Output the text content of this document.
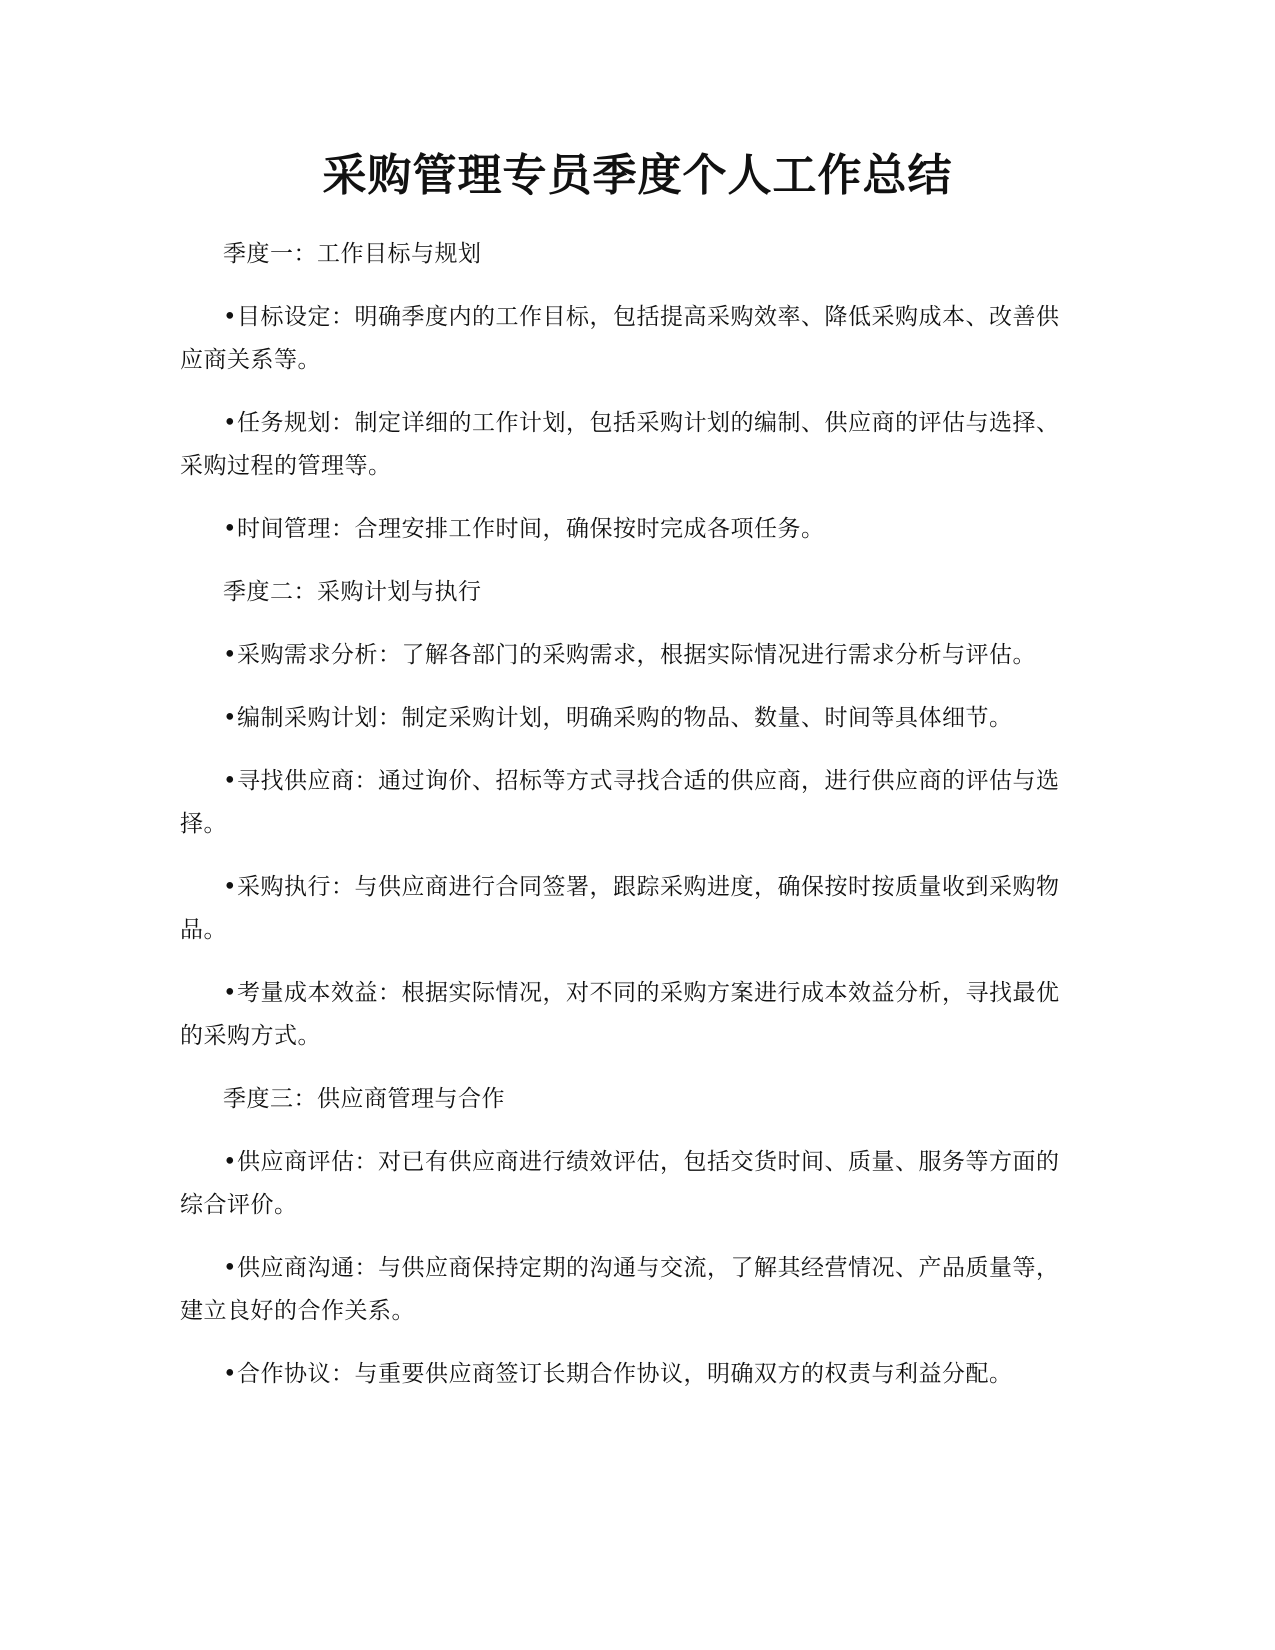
采购管理专员季度个人工作总结

季度一：工作目标与规划

•目标设定：明确季度内的工作目标，包括提高采购效率、降低采购成本、改善供应商关系等。

•任务规划：制定详细的工作计划，包括采购计划的编制、供应商的评估与选择、采购过程的管理等。

•时间管理：合理安排工作时间，确保按时完成各项任务。

季度二：采购计划与执行

•采购需求分析：了解各部门的采购需求，根据实际情况进行需求分析与评估。

•编制采购计划：制定采购计划，明确采购的物品、数量、时间等具体细节。

•寻找供应商：通过询价、招标等方式寻找合适的供应商，进行供应商的评估与选择。

•采购执行：与供应商进行合同签署，跟踪采购进度，确保按时按质量收到采购物品。

•考量成本效益：根据实际情况，对不同的采购方案进行成本效益分析，寻找最优的采购方式。

季度三：供应商管理与合作

•供应商评估：对已有供应商进行绩效评估，包括交货时间、质量、服务等方面的综合评价。

•供应商沟通：与供应商保持定期的沟通与交流，了解其经营情况、产品质量等，建立良好的合作关系。

•合作协议：与重要供应商签订长期合作协议，明确双方的权责与利益分配。
